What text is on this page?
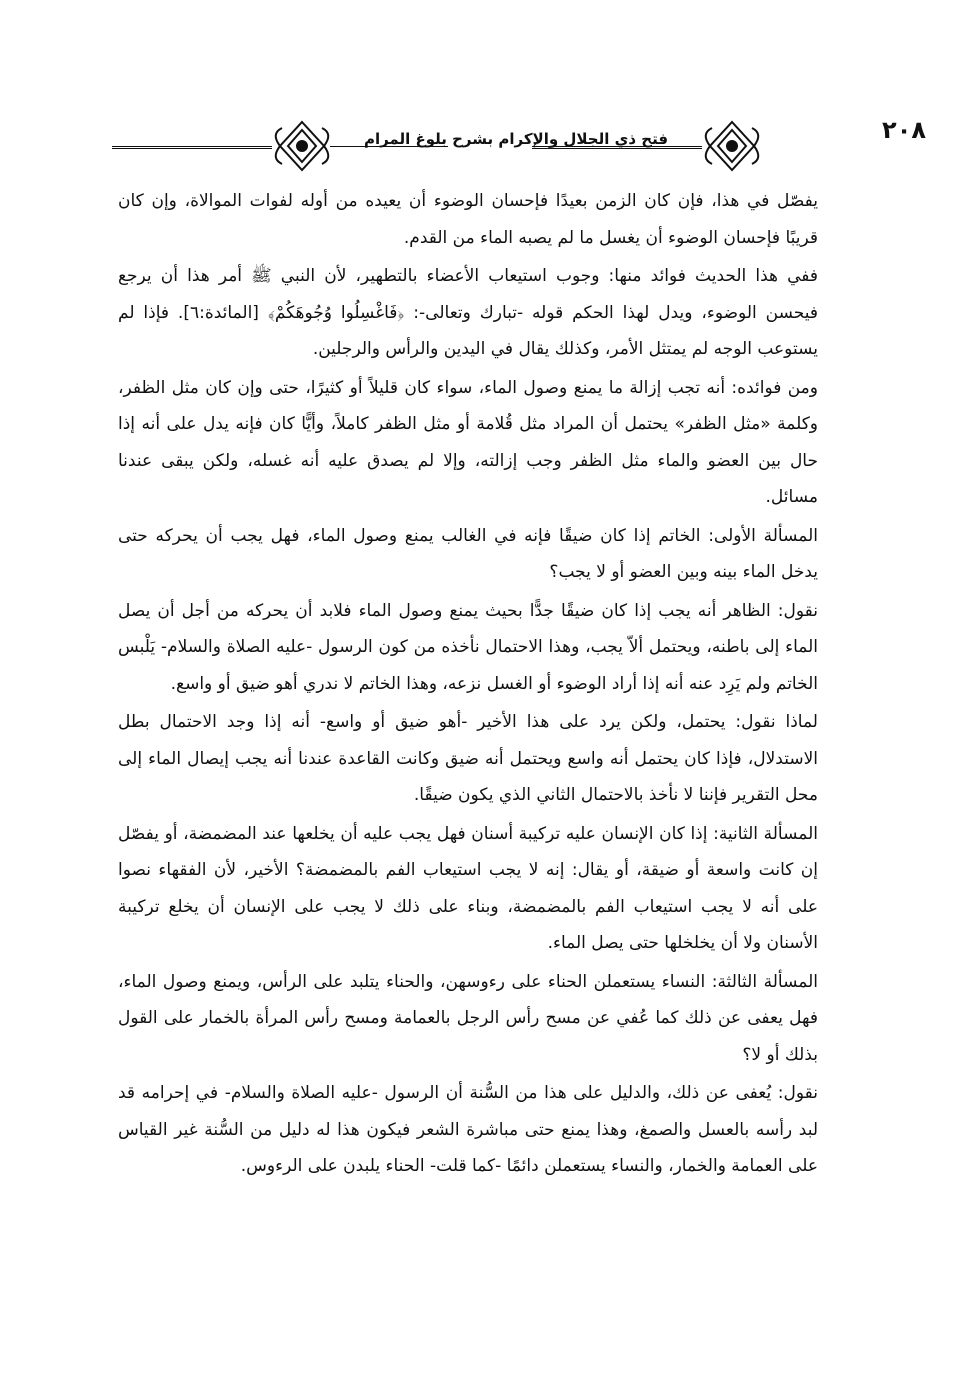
فتح ذي الجلال والإكرام بشرح بلوغ المرام	٢٠٨

يفصّل في هذا، فإن كان الزمن بعيدًا فإحسان الوضوء أن يعيده من أوله لفوات الموالاة، وإن كان قريبًا فإحسان الوضوء أن يغسل ما لم يصبه الماء من القدم.

ففي هذا الحديث فوائد منها: وجوب استيعاب الأعضاء بالتطهير، لأن النبي ﷺ أمر هذا أن يرجع فيحسن الوضوء، ويدل لهذا الحكم قوله -تبارك وتعالى-: ﴿فَاغْسِلُوا وُجُوهَكُمْ﴾ [المائدة:٦]. فإذا لم يستوعب الوجه لم يمتثل الأمر، وكذلك يقال في اليدين والرأس والرجلين.

ومن فوائده: أنه تجب إزالة ما يمنع وصول الماء، سواء كان قليلاً أو كثيرًا، حتى وإن كان مثل الظفر، وكلمة «مثل الظفر» يحتمل أن المراد مثل قُلامة أو مثل الظفر كاملاً، وأيًّا كان فإنه يدل على أنه إذا حال بين العضو والماء مثل الظفر وجب إزالته، وإلا لم يصدق عليه أنه غسله، ولكن يبقى عندنا مسائل.

المسألة الأولى: الخاتم إذا كان ضيقًا فإنه في الغالب يمنع وصول الماء، فهل يجب أن يحركه حتى يدخل الماء بينه وبين العضو أو لا يجب؟

نقول: الظاهر أنه يجب إذا كان ضيقًا جدًّا بحيث يمنع وصول الماء فلابد أن يحركه من أجل أن يصل الماء إلى باطنه، ويحتمل ألاّ يجب، وهذا الاحتمال نأخذه من كون الرسول -عليه الصلاة والسلام- يَلْبس الخاتم ولم يَرِد عنه أنه إذا أراد الوضوء أو الغسل نزعه، وهذا الخاتم لا ندري أهو ضيق أو واسع.

لماذا نقول: يحتمل، ولكن يرد على هذا الأخير -أهو ضيق أو واسع- أنه إذا وجد الاحتمال بطل الاستدلال، فإذا كان يحتمل أنه واسع ويحتمل أنه ضيق وكانت القاعدة عندنا أنه يجب إيصال الماء إلى محل التقرير فإننا لا نأخذ بالاحتمال الثاني الذي يكون ضيقًا.

المسألة الثانية: إذا كان الإنسان عليه تركيبة أسنان فهل يجب عليه أن يخلعها عند المضمضة، أو يفصّل إن كانت واسعة أو ضيقة، أو يقال: إنه لا يجب استيعاب الفم بالمضمضة؟ الأخير، لأن الفقهاء نصوا على أنه لا يجب استيعاب الفم بالمضمضة، وبناء على ذلك لا يجب على الإنسان أن يخلع تركيبة الأسنان ولا أن يخلخلها حتى يصل الماء.

المسألة الثالثة: النساء يستعملن الحناء على رءوسهن، والحناء يتلبد على الرأس، ويمنع وصول الماء، فهل يعفى عن ذلك كما عُفي عن مسح رأس الرجل بالعمامة ومسح رأس المرأة بالخمار على القول بذلك أو لا؟

نقول: يُعفى عن ذلك، والدليل على هذا من السُّنة أن الرسول -عليه الصلاة والسلام- في إحرامه قد لبد رأسه بالعسل والصمغ، وهذا يمنع حتى مباشرة الشعر فيكون هذا له دليل من السُّنة غير القياس على العمامة والخمار، والنساء يستعملن دائمًا -كما قلت- الحناء يلبدن على الرءوس.
